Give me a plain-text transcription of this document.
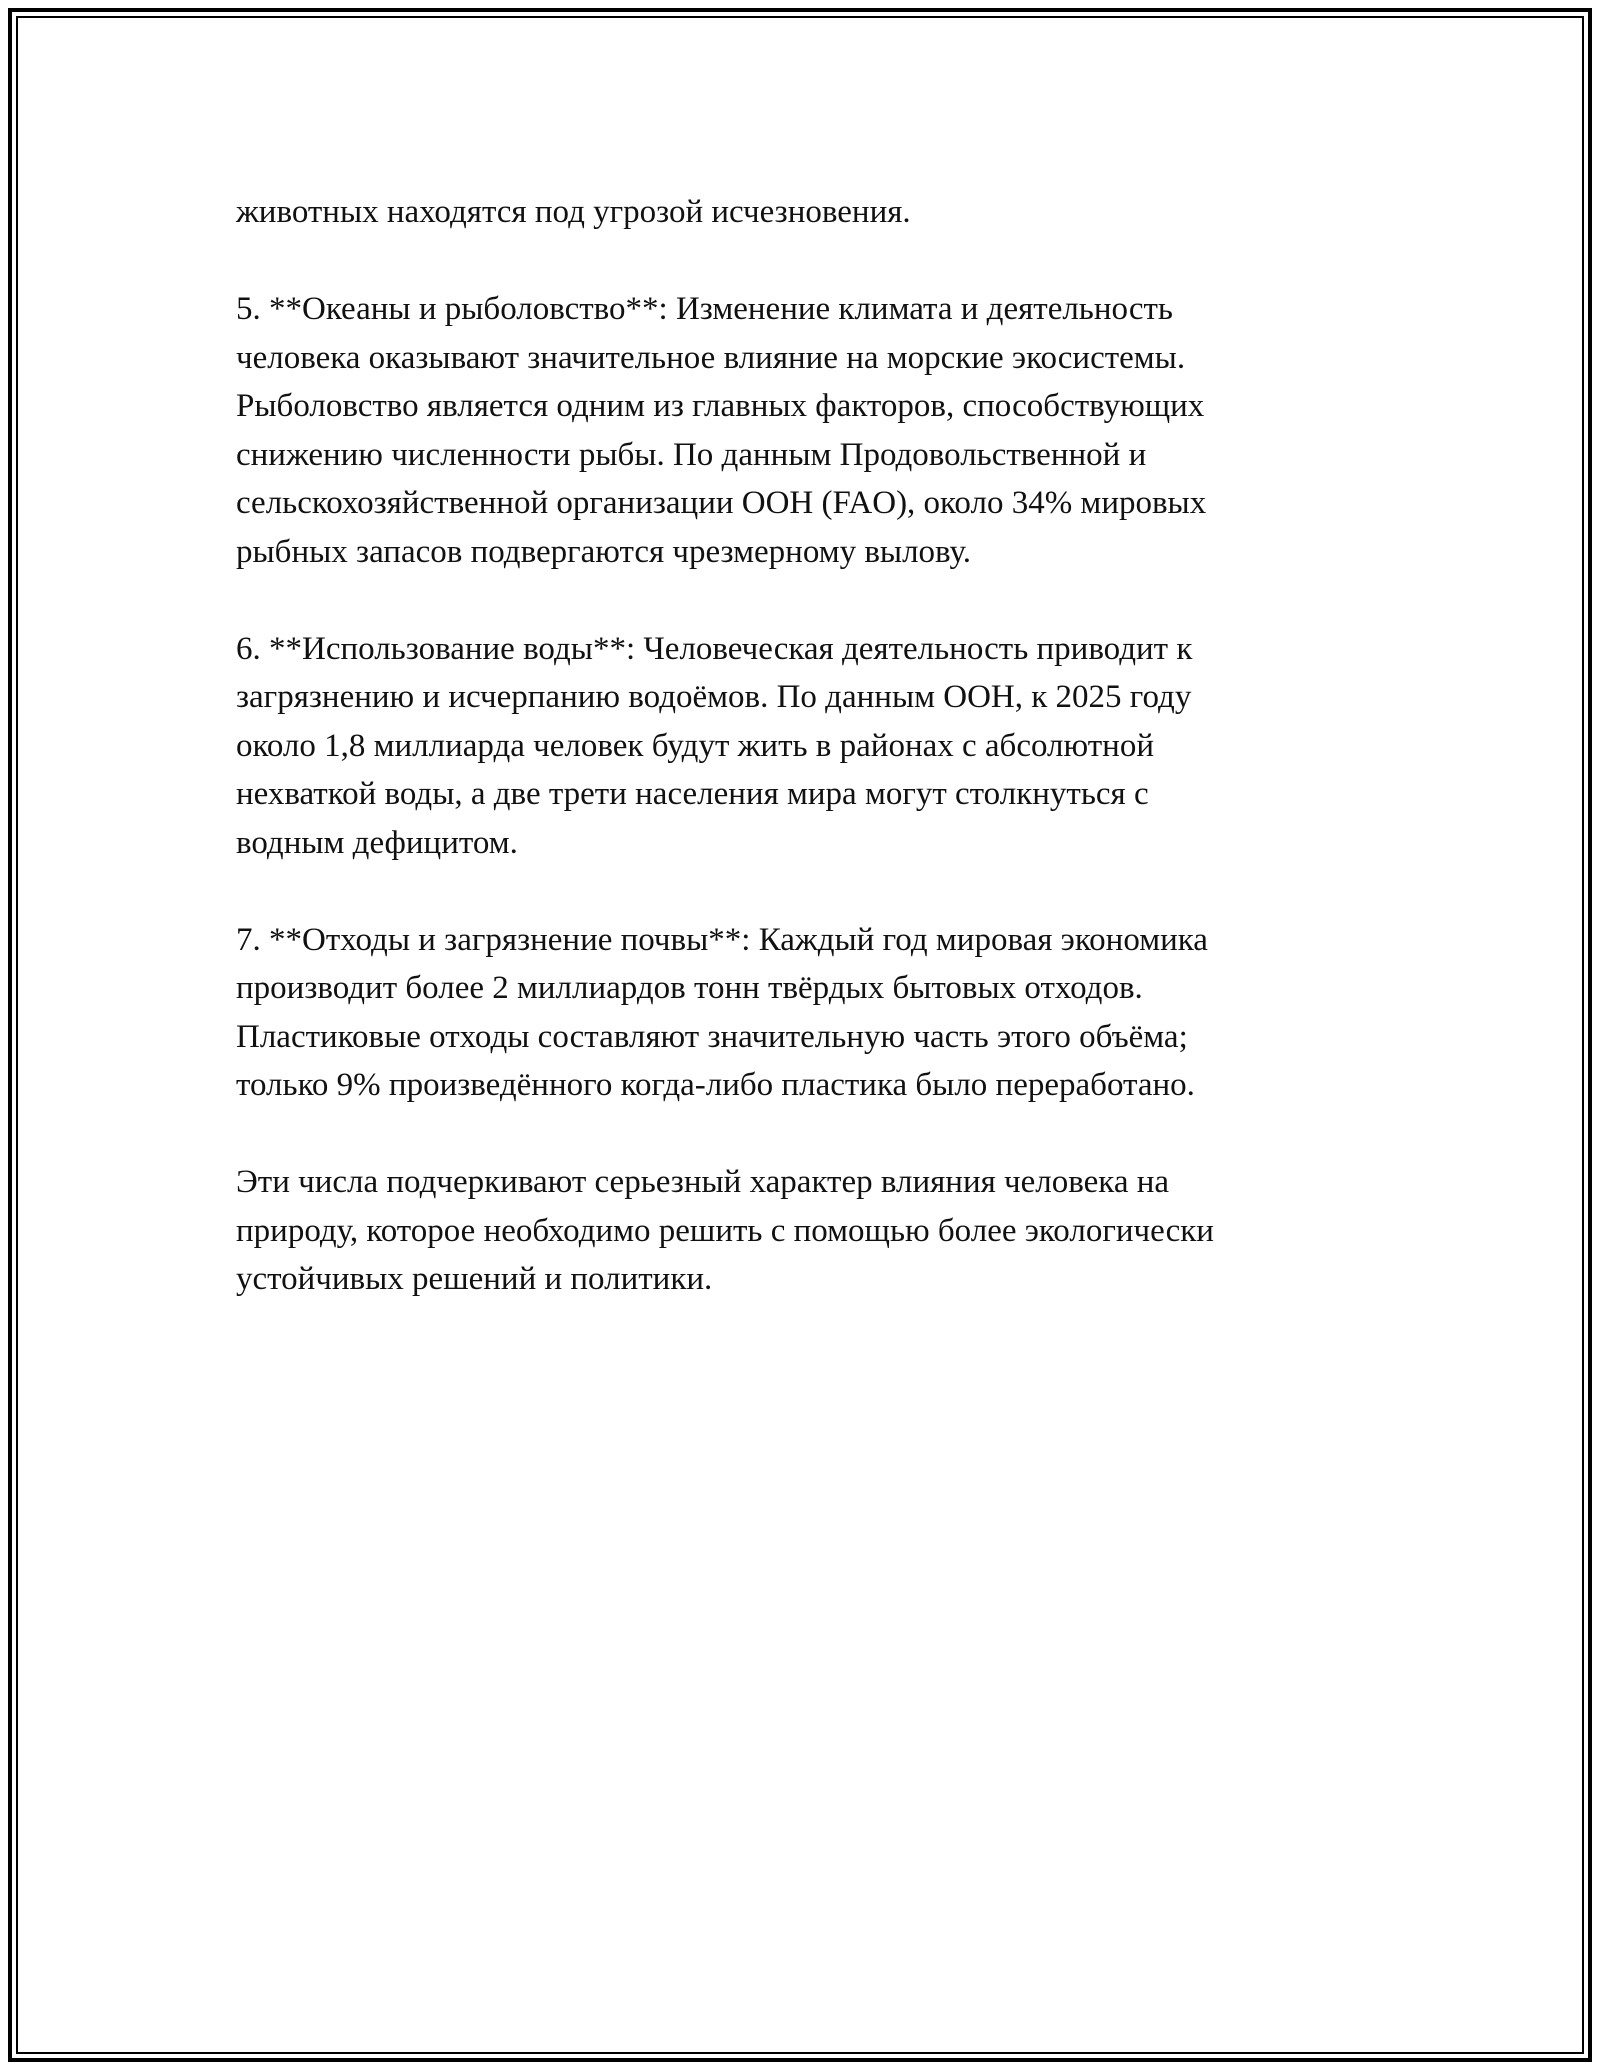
животных находятся под угрозой исчезновения.

5. **Океаны и рыболовство**: Изменение климата и деятельность
человека оказывают значительное влияние на морские экосистемы.
Рыболовство является одним из главных факторов, способствующих
снижению численности рыбы. По данным Продовольственной и
сельскохозяйственной организации ООН (FAO), около 34% мировых
рыбных запасов подвергаются чрезмерному вылову.

6. **Использование воды**: Человеческая деятельность приводит к
загрязнению и исчерпанию водоёмов. По данным ООН, к 2025 году
около 1,8 миллиарда человек будут жить в районах с абсолютной
нехваткой воды, а две трети населения мира могут столкнуться с
водным дефицитом.

7. **Отходы и загрязнение почвы**: Каждый год мировая экономика
производит более 2 миллиардов тонн твёрдых бытовых отходов.
Пластиковые отходы составляют значительную часть этого объёма;
только 9% произведённого когда-либо пластика было переработано.

Эти числа подчеркивают серьезный характер влияния человека на
природу, которое необходимо решить с помощью более экологически
устойчивых решений и политики.
